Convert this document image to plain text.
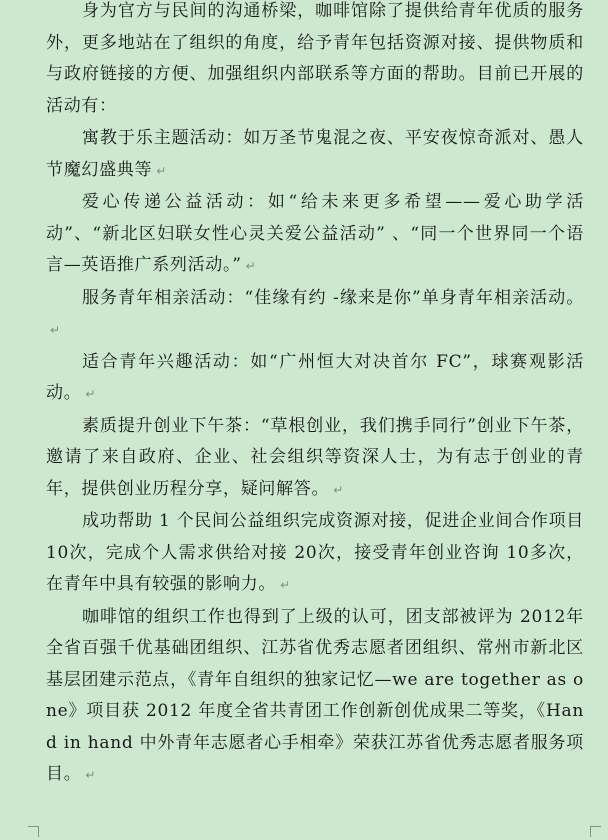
身为官方与民间的沟通桥梁，咖啡馆除了提供给青年优质的服务外，更多地站在了组织的角度，给予青年包括资源对接、提供物质和与政府链接的方便、加强组织内部联系等方面的帮助。目前已开展的活动有：

寓教于乐主题活动：如万圣节鬼混之夜、平安夜惊奇派对、愚人节魔幻盛典等 ↵

爱心传递公益活动：如“给未来更多希望——爱心助学活动”、“新北区妇联女性心灵关爱公益活动” 、“同一个世界同一个语言—英语推广系列活动。” ↵

服务青年相亲活动：“佳缘有约 -缘来是你”单身青年相亲活动。↵

适合青年兴趣活动：如“广州恒大对决首尔 FC”，球赛观影活动。 ↵

素质提升创业下午茶：“草根创业，我们携手同行”创业下午茶，邀请了来自政府、企业、社会组织等资深人士，为有志于创业的青年，提供创业历程分享，疑问解答。 ↵

成功帮助 1 个民间公益组织完成资源对接，促进企业间合作项目 10次，完成个人需求供给对接 20次，接受青年创业咨询 10多次，在青年中具有较强的影响力。 ↵

咖啡馆的组织工作也得到了上级的认可，团支部被评为 2012年全省百强千优基础团组织、江苏省优秀志愿者团组织、常州市新北区基层团建示范点，《青年自组织的独家记忆—we are together as one》项目获 2012 年度全省共青团工作创新创优成果二等奖，《Hand in hand 中外青年志愿者心手相牵》荣获江苏省优秀志愿者服务项目。 ↵
